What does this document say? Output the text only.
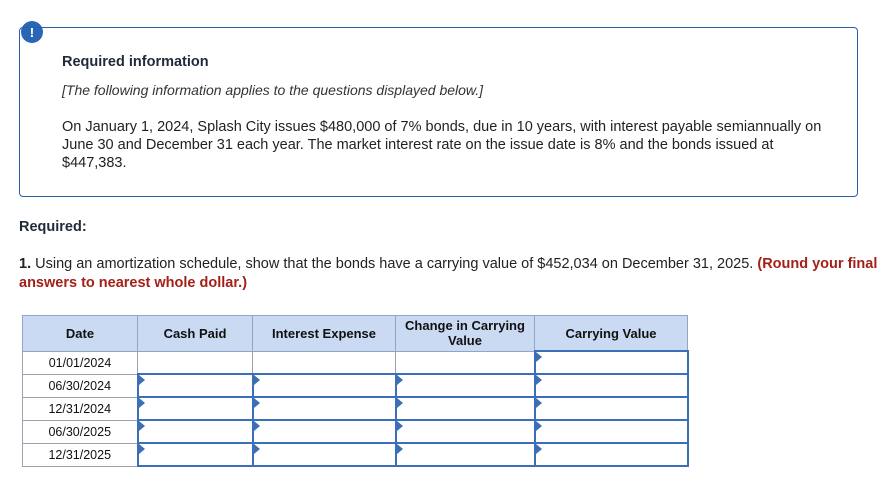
!
Required information
[The following information applies to the questions displayed below.]
On January 1, 2024, Splash City issues $480,000 of 7% bonds, due in 10 years, with interest payable semiannually on June 30 and December 31 each year. The market interest rate on the issue date is 8% and the bonds issued at $447,383.
Required:
1. Using an amortization schedule, show that the bonds have a carrying value of $452,034 on December 31, 2025. (Round your final answers to nearest whole dollar.)
Date	Cash Paid	Interest Expense	Change in Carrying Value	Carrying Value
01/01/2024				
06/30/2024				
12/31/2024				
06/30/2025				
12/31/2025				
